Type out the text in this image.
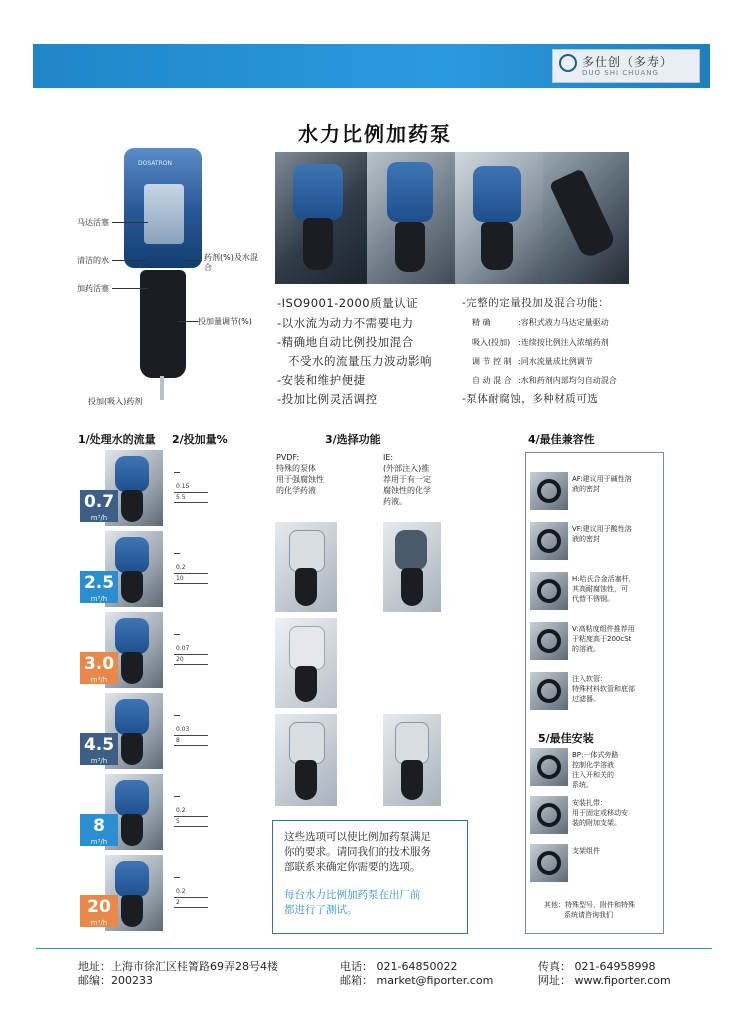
多仕创（多寿）
DUO SHI CHUANG
水力比例加药泵
DOSATRON
马达活塞
清洁的水
加药活塞
药剂(%)及水混合
投加量调节(%)
投加(吸入)药剂
-ISO9001-2000质量认证
-以水流为动力不需要电力
-精确地自动比例投加混合
不受水的流量压力波动影响
-安装和维护便捷
-投加比例灵活调控
-完整的定量投加及混合功能：
精 确	:容积式液力马达定量驱动
吸入(投加) :连续按比例注入浓缩药剂
调 节 控 制 :同水流量成比例调节
自 动 混 合 :水和药剂内部均匀自动混合
-泵体耐腐蚀，多种材质可选
1/处理水的流量 2/投加量%	3/选择功能	4/最佳兼容性
0.7
m³/h
0.15
5.5
2.5
m³/h
0.2
10
3.0
m³/h
0.07
20
4.5
m³/h
0.03
8
8
m³/h
0.2
5
20
m³/h
0.2
2
PVDF:
特殊的泵体
用于强腐蚀性
的化学药液
IE:
(外部注入)推
荐用于有一定
腐蚀性的化学
药液。
这些选项可以使比例加药泵满足
你的要求。请同我们的技术服务
部联系来确定你需要的选项。
每台水力比例加药泵在出厂前
都进行了测试。
AF:建议用于碱性溶

液的密封
VF:建议用于酸性溶

液的密封
H:哈氏合金活塞杆，

其高耐腐蚀性，可
代替不锈钢。
V:高粘度组件推荐用

于粘度高于200cSt
的溶液。
注入软管：
特殊材料软管和底部
过滤器。
5/最佳安装
BP:一体式旁路

控制化学溶液
注入开和关的
系统。
安装扎带：
用于固定或移动安
装的附加支架。
支架组件
其他：特殊型号，附件和特殊
系统请咨询我们
地址：上海市徐汇区桂箐路69弄28号4楼
邮编：200233
电话： 021-64850022
邮箱： market@fiporter.com
传真： 021-64958998
网址： www.fiporter.com
